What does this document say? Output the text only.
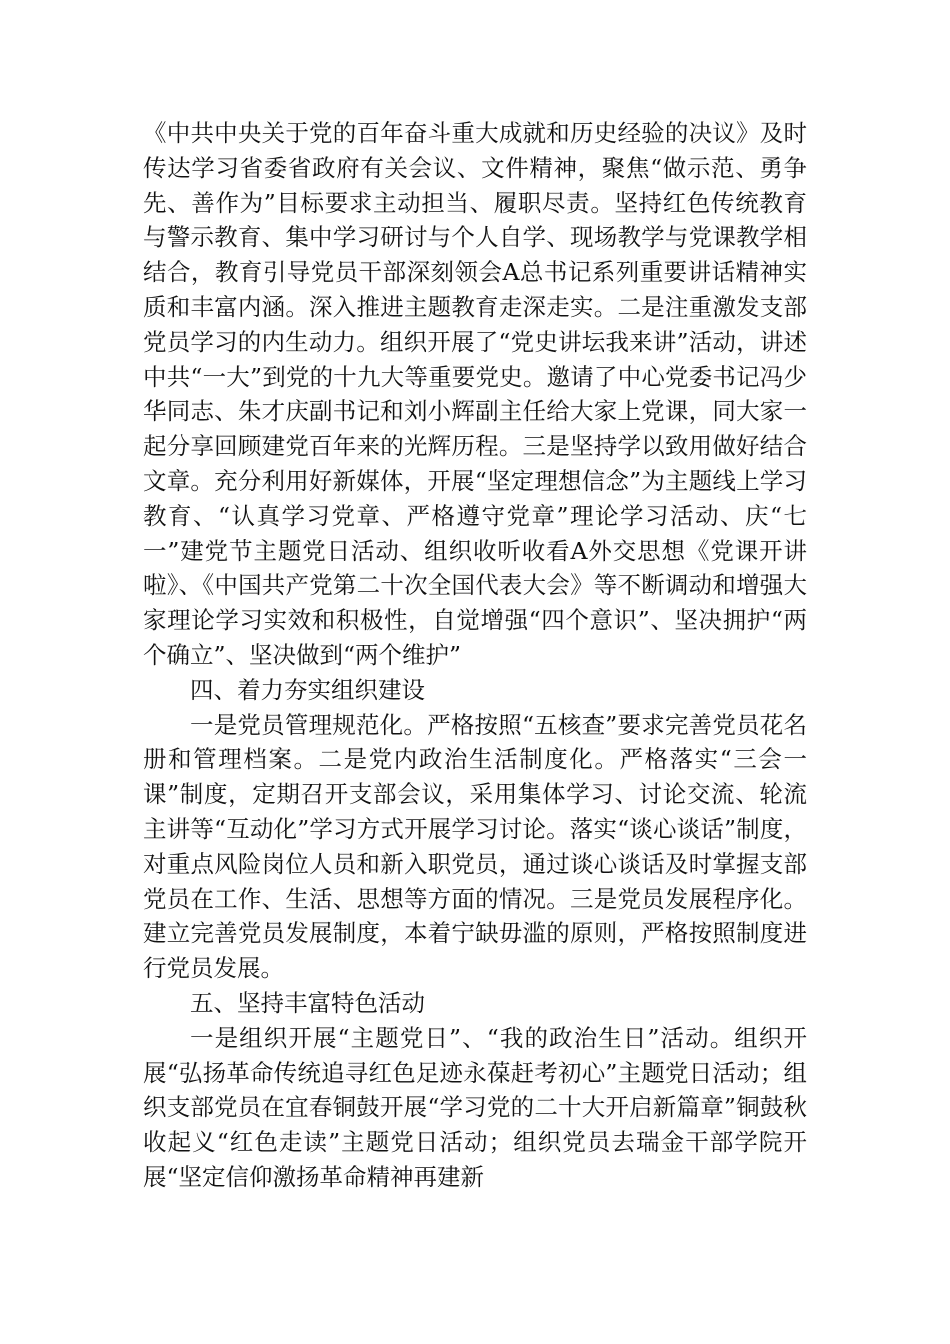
《中共中央关于党的百年奋斗重大成就和历史经验的决议》及时传达学习省委省政府有关会议、文件精神，聚焦“做示范、勇争先、善作为”目标要求主动担当、履职尽责。坚持红色传统教育与警示教育、集中学习研讨与个人自学、现场教学与党课教学相结合，教育引导党员干部深刻领会A总书记系列重要讲话精神实质和丰富内涵。深入推进主题教育走深走实。二是注重激发支部党员学习的内生动力。组织开展了“党史讲坛我来讲”活动，讲述中共“一大”到党的十九大等重要党史。邀请了中心党委书记冯少华同志、朱才庆副书记和刘小辉副主任给大家上党课，同大家一起分享回顾建党百年来的光辉历程。三是坚持学以致用做好结合文章。充分利用好新媒体，开展“坚定理想信念”为主题线上学习教育、“认真学习党章、严格遵守党章”理论学习活动、庆“七一”建党节主题党日活动、组织收听收看A外交思想《党课开讲啦》、《中国共产党第二十次全国代表大会》等不断调动和增强大家理论学习实效和积极性，自觉增强“四个意识”、坚决拥护“两个确立”、坚决做到“两个维护”

四、着力夯实组织建设

一是党员管理规范化。严格按照“五核查”要求完善党员花名册和管理档案。二是党内政治生活制度化。严格落实“三会一课”制度，定期召开支部会议，采用集体学习、讨论交流、轮流主讲等“互动化”学习方式开展学习讨论。落实“谈心谈话”制度，对重点风险岗位人员和新入职党员，通过谈心谈话及时掌握支部党员在工作、生活、思想等方面的情况。三是党员发展程序化。建立完善党员发展制度，本着宁缺毋滥的原则，严格按照制度进行党员发展。

五、坚持丰富特色活动

一是组织开展“主题党日”、“我的政治生日”活动。组织开展“弘扬革命传统追寻红色足迹永葆赶考初心”主题党日活动；组织支部党员在宜春铜鼓开展“学习党的二十大开启新篇章”铜鼓秋收起义“红色走读”主题党日活动；组织党员去瑞金干部学院开展“坚定信仰激扬革命精神再建新
